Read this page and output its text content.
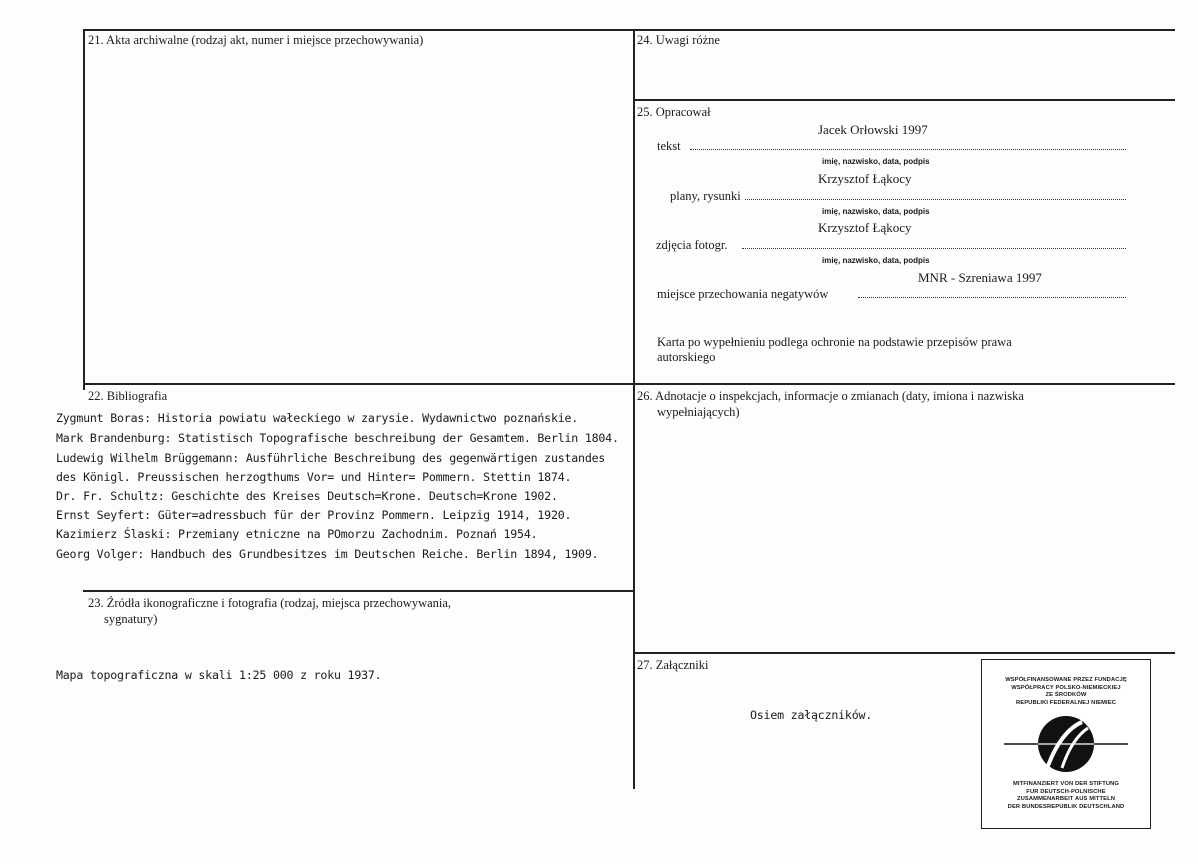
21. Akta archiwalne (rodzaj akt, numer i miejsce przechowywania)	24. Uwagi różne
25. Opracował
Jacek Orłowski 1997
tekst
imię, nazwisko, data, podpis
Krzysztof Łąkocy
plany, rysunki
imię, nazwisko, data, podpis
Krzysztof Łąkocy
zdjęcia fotogr.
imię, nazwisko, data, podpis
MNR - Szreniawa 1997
miejsce przechowania negatywów
Karta po wypełnieniu podlega ochronie na podstawie przepisów prawa
autorskiego
22. Bibliografia
Zygmunt Boras: Historia powiatu wałeckiego w zarysie. Wydawnictwo poznańskie.
Mark Brandenburg: Statistisch Topografische beschreibung der Gesamtem. Berlin 1804.
Ludewig Wilhelm Brüggemann: Ausführliche Beschreibung des gegenwärtigen zustandes
des Königl. Preussischen herzogthums Vor= und Hinter= Pommern. Stettin 1874.
Dr. Fr. Schultz: Geschichte des Kreises Deutsch=Krone. Deutsch=Krone 1902.
Ernst Seyfert: Güter=adressbuch für der Provinz Pommern. Leipzig 1914, 1920.
Kazimierz Ślaski: Przemiany etniczne na POmorzu Zachodnim. Poznań 1954.
Georg Volger: Handbuch des Grundbesitzes im Deutschen Reiche. Berlin 1894, 1909.
26. Adnotacje o inspekcjach, informacje o zmianach (daty, imiona i nazwiska
wypełniających)
23. Źródła ikonograficzne i fotografia (rodzaj, miejsca przechowywania,
sygnatury)
Mapa topograficzna w skali 1:25 000 z roku 1937.
27. Załączniki
Osiem załączników.
WSPÓŁFINANSOWANE PRZEZ FUNDACJĘ
WSPÓŁPRACY POLSKO-NIEMIECKIEJ
ZE ŚRODKÓW
REPUBLIKI FEDERALNEJ NIEMIEC
MITFINANZIERT VON DER STIFTUNG
FUR DEUTSCH-POLNISCHE
ZUSAMMENARBEIT AUS MITTELN
DER BUNDESREPUBLIK DEUTSCHLAND
